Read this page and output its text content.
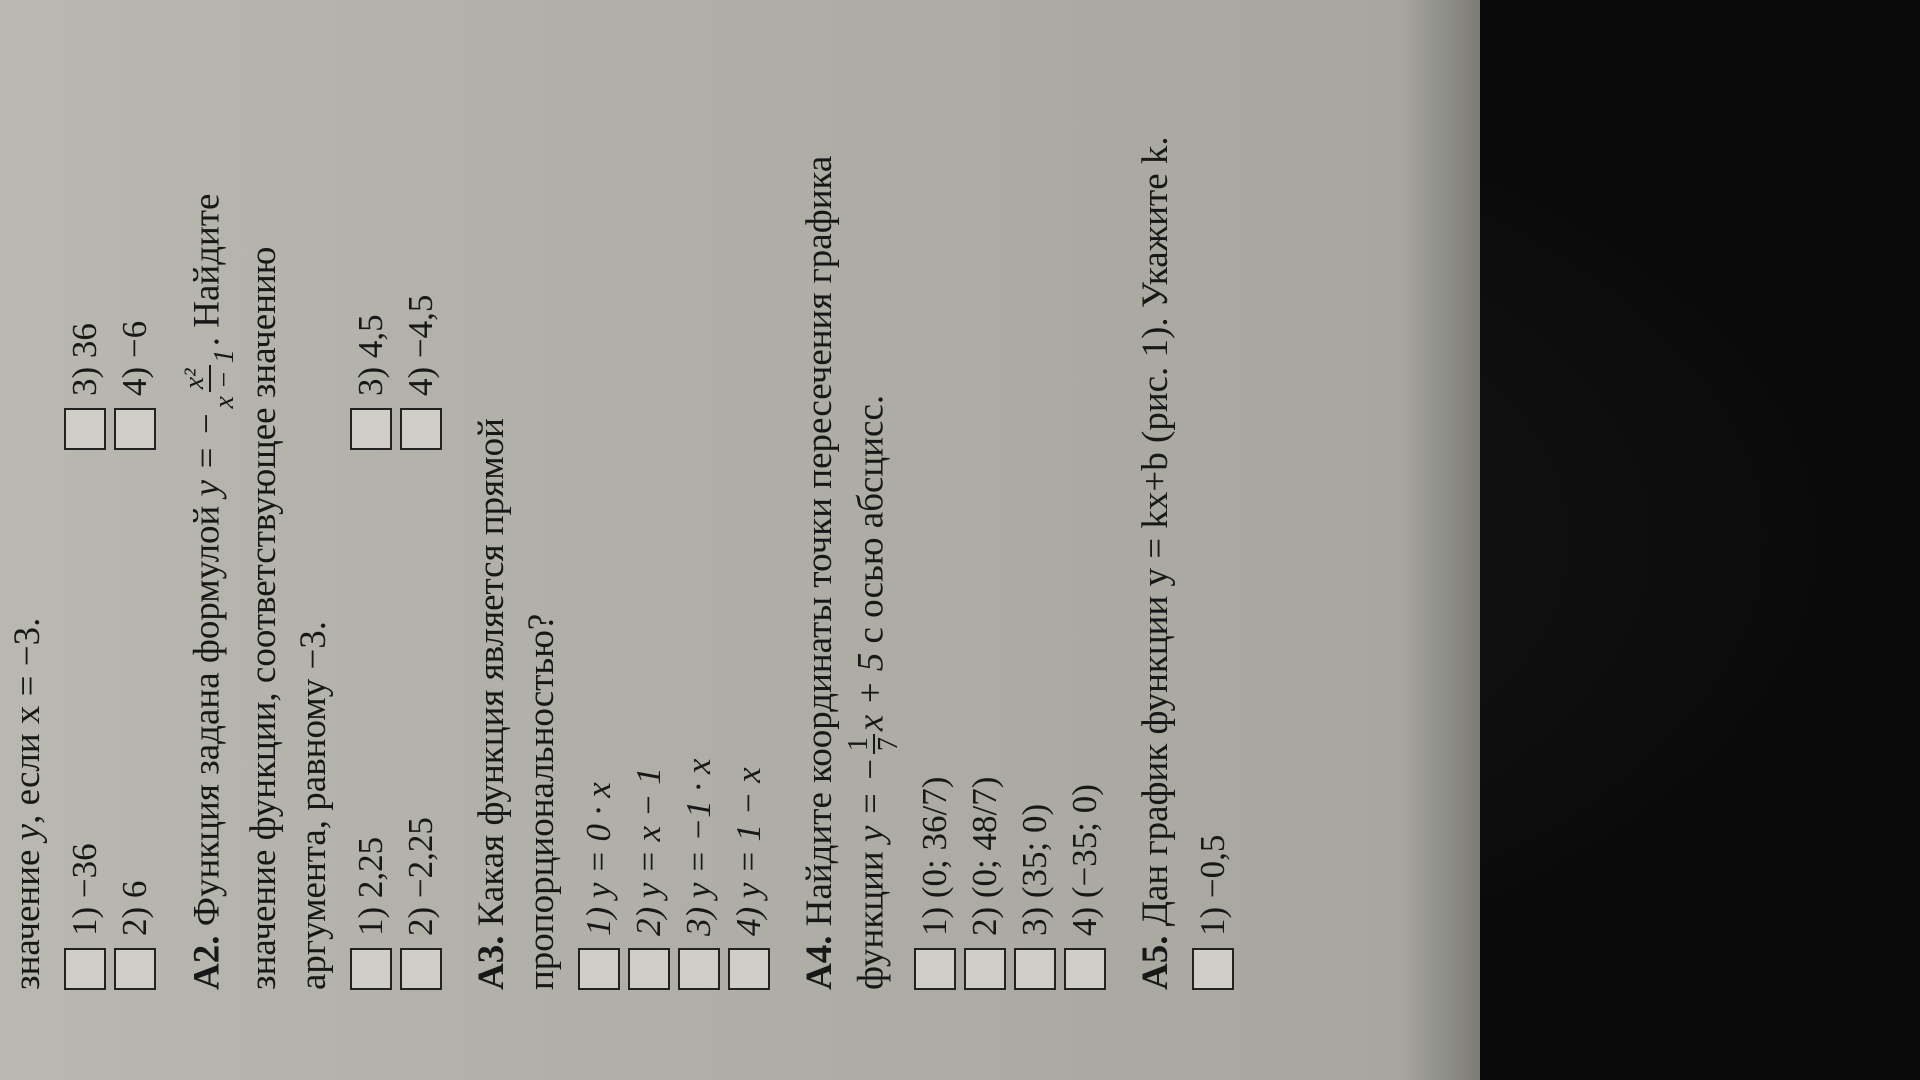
значение y, если x = −3.
1) −36
3) 36
2) 6
4) −6
А2. Функция задана формулой y = −
x² x − 1
. Найдите значение функции, соответствующее значению аргумента, равному −3. 1) 2,25
3) 4,5
2) −2,25
4) −4,5
А3. Какая функция является прямой пропорциональностью? 1) y = 0 · x 2) y = x − 1 3) y = −1 · x 4) y = 1 − x
А4. Найдите координаты точки пересечения графика функции y = −
1 7
x + 5 с осью абсцисс.
1) (0; 36/7) 2) (0; 48/7) 3) (35; 0) 4) (−35; 0)
А5. Дан график функции y = kx+b (рис. 1). Укажите k. 1) −0,5
